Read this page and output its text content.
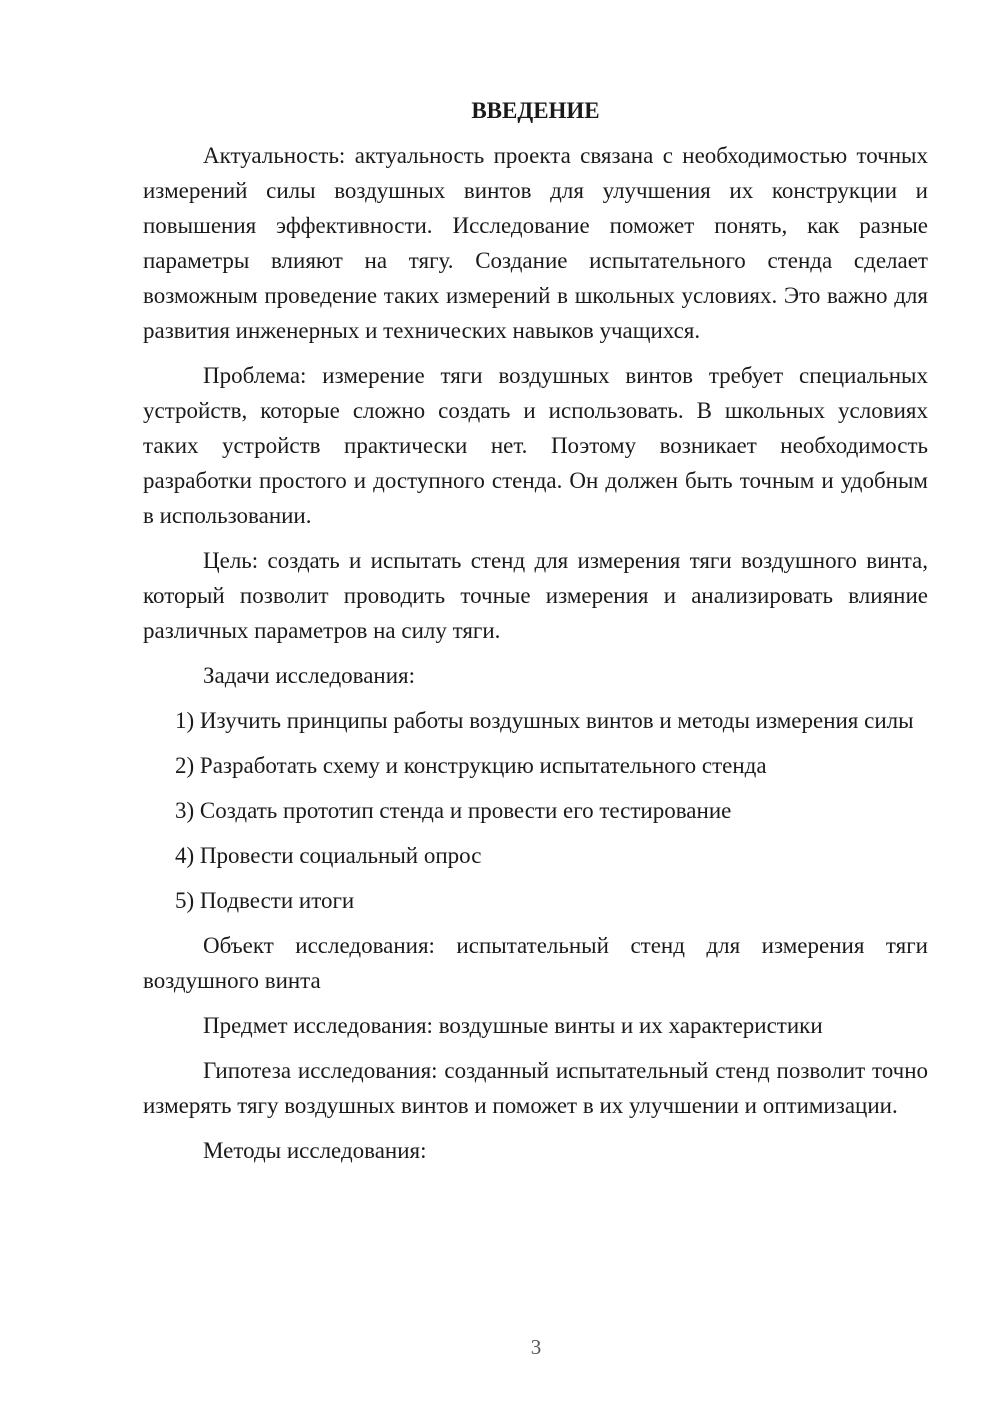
ВВЕДЕНИЕ

Актуальность: актуальность проекта связана с необходимостью точных измерений силы воздушных винтов для улучшения их конструкции и повышения эффективности. Исследование поможет понять, как разные параметры влияют на тягу. Создание испытательного стенда сделает возможным проведение таких измерений в школьных условиях. Это важно для развития инженерных и технических навыков учащихся.

Проблема: измерение тяги воздушных винтов требует специальных устройств, которые сложно создать и использовать. В школьных условиях таких устройств практически нет. Поэтому возникает необходимость разработки простого и доступного стенда. Он должен быть точным и удобным в использовании.

Цель: создать и испытать стенд для измерения тяги воздушного винта, который позволит проводить точные измерения и анализировать влияние различных параметров на силу тяги.

Задачи исследования:

1) Изучить принципы работы воздушных винтов и методы измерения силы

2) Разработать схему и конструкцию испытательного стенда

3) Создать прототип стенда и провести его тестирование

4) Провести социальный опрос

5) Подвести итоги

Объект исследования: испытательный стенд для измерения тяги воздушного винта

Предмет исследования: воздушные винты и их характеристики

Гипотеза исследования: созданный испытательный стенд позволит точно измерять тягу воздушных винтов и поможет в их улучшении и оптимизации.

Методы исследования:

3
